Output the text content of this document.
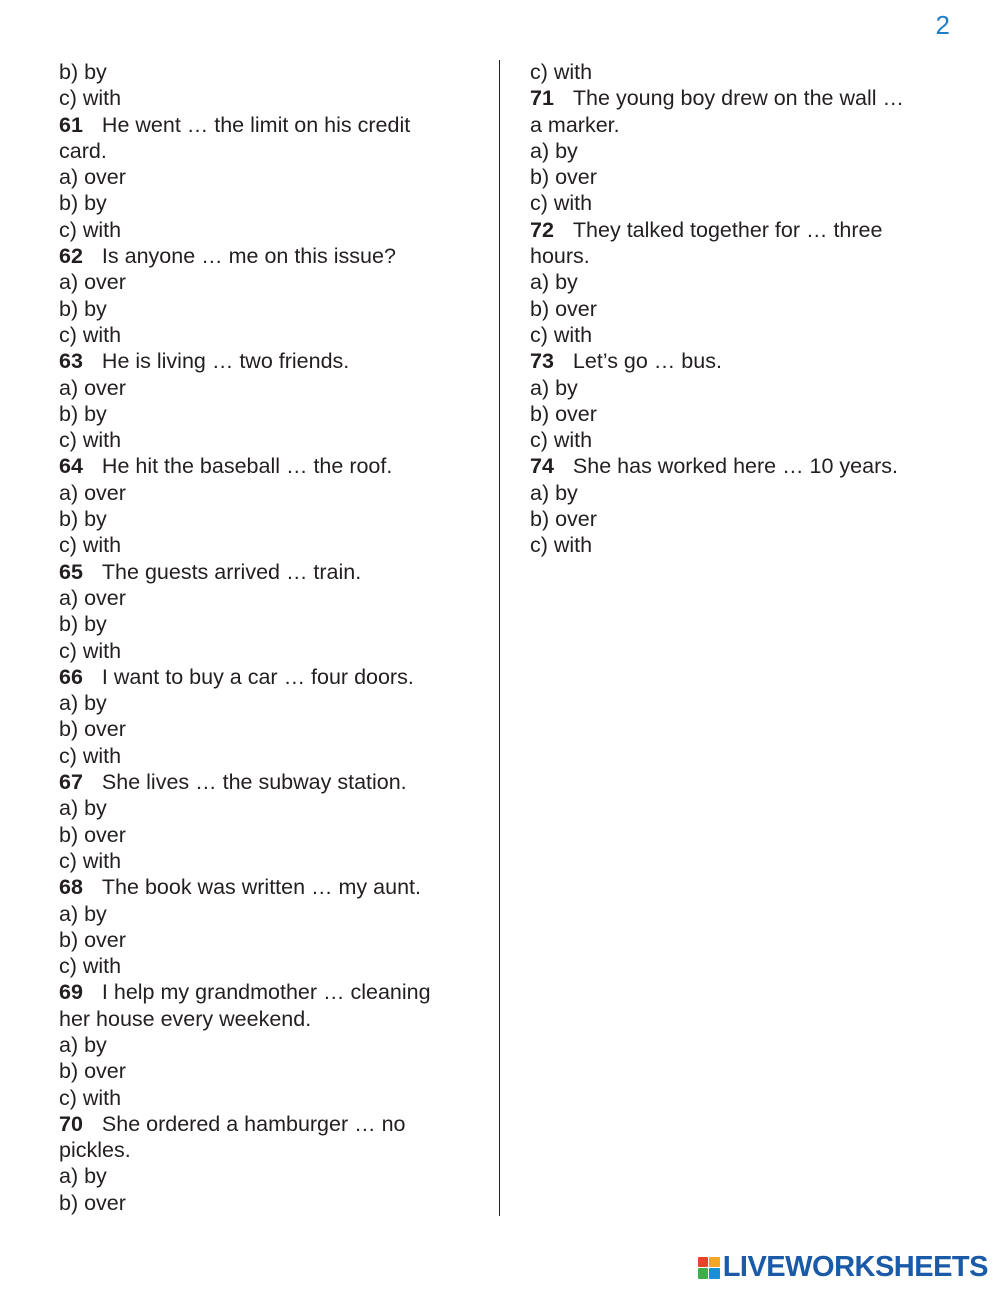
2
b) by
c) with
61 He went … the limit on his credit
card.
a) over
b) by
c) with
62 Is anyone … me on this issue?
a) over
b) by
c) with
63 He is living … two friends.
a) over
b) by
c) with
64 He hit the baseball … the roof.
a) over
b) by
c) with
65 The guests arrived … train.
a) over
b) by
c) with
66 I want to buy a car … four doors.
a) by
b) over
c) with
67 She lives … the subway station.
a) by
b) over
c) with
68 The book was written … my aunt.
a) by
b) over
c) with
69 I help my grandmother … cleaning
her house every weekend.
a) by
b) over
c) with
70 She ordered a hamburger … no
pickles.
a) by
b) over
c) with
71 The young boy drew on the wall …
a marker.
a) by
b) over
c) with
72 They talked together for … three
hours.
a) by
b) over
c) with
73 Let’s go … bus.
a) by
b) over
c) with
74 She has worked here … 10 years.
a) by
b) over
c) with
LIVEWORKSHEETS
